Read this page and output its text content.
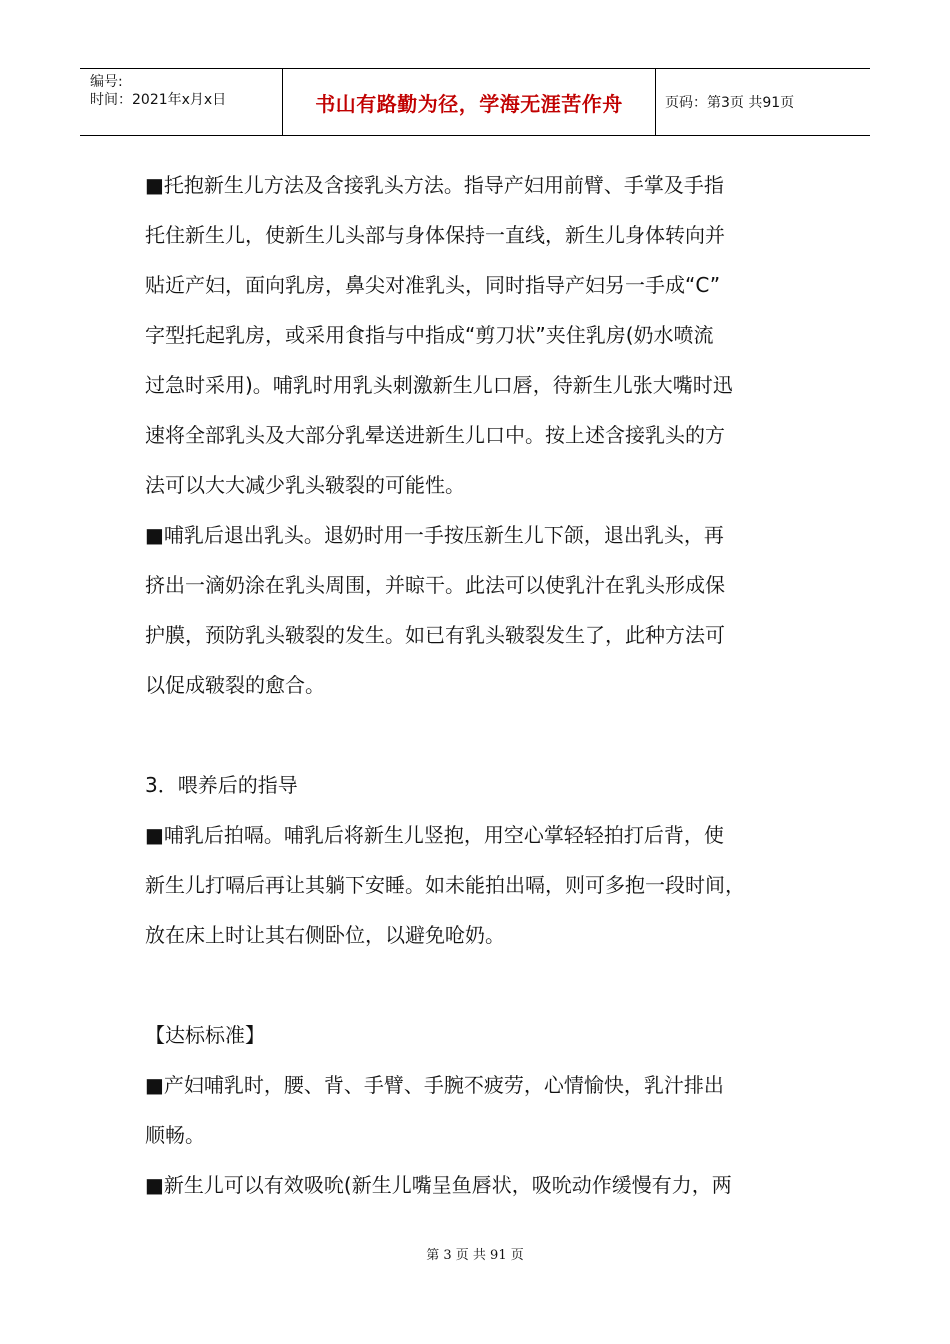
编号:
时间：2021年x月x日	书山有路勤为径，学海无涯苦作舟	页码：第3页 共91页

■托抱新生儿方法及含接乳头方法。指导产妇用前臂、手掌及手指

托住新生儿，使新生儿头部与身体保持一直线，新生儿身体转向并

贴近产妇，面向乳房，鼻尖对准乳头，同时指导产妇另一手成“C”

字型托起乳房，或采用食指与中指成“剪刀状”夹住乳房(奶水喷流

过急时采用)。哺乳时用乳头刺激新生儿口唇，待新生儿张大嘴时迅

速将全部乳头及大部分乳晕送进新生儿口中。按上述含接乳头的方

法可以大大减少乳头皲裂的可能性。

■哺乳后退出乳头。退奶时用一手按压新生儿下颌，退出乳头，再

挤出一滴奶涂在乳头周围，并晾干。此法可以使乳汁在乳头形成保

护膜，预防乳头皲裂的发生。如已有乳头皲裂发生了，此种方法可

以促成皲裂的愈合。

3．喂养后的指导

■哺乳后拍嗝。哺乳后将新生儿竖抱，用空心掌轻轻拍打后背，使

新生儿打嗝后再让其躺下安睡。如未能拍出嗝，则可多抱一段时间，

放在床上时让其右侧卧位，以避免呛奶。

【达标标准】

■产妇哺乳时，腰、背、手臂、手腕不疲劳，心情愉快，乳汁排出

顺畅。

■新生儿可以有效吸吮(新生儿嘴呈鱼唇状，吸吮动作缓慢有力，两

第 3 页 共 91 页
